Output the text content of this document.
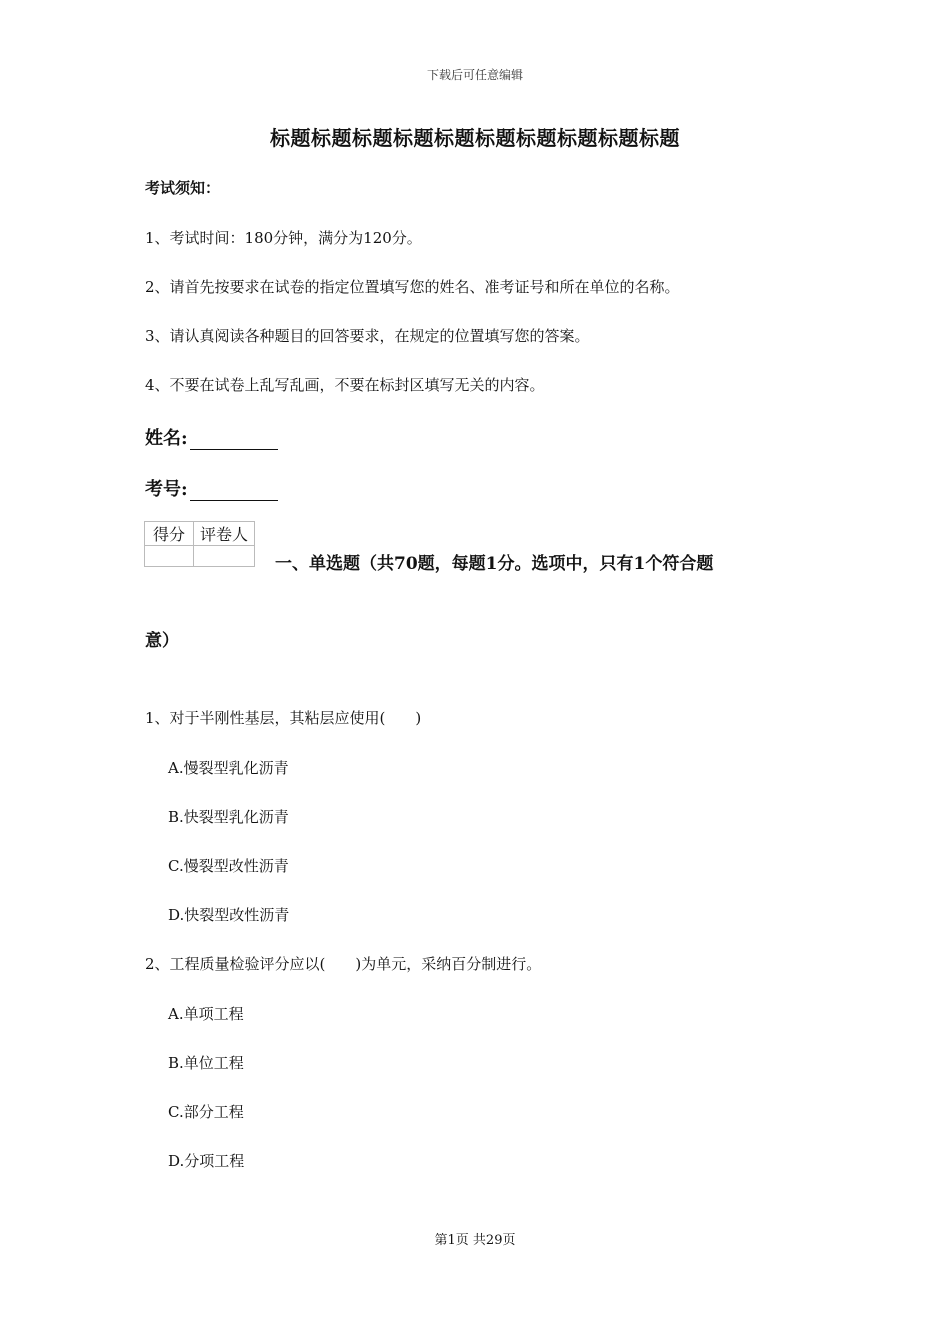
下载后可任意编辑
标题标题标题标题标题标题标题标题标题标题
考试须知：
1、考试时间：180分钟，满分为120分。
2、请首先按要求在试卷的指定位置填写您的姓名、准考证号和所在单位的名称。
3、请认真阅读各种题目的回答要求，在规定的位置填写您的答案。
4、不要在试卷上乱写乱画，不要在标封区填写无关的内容。
姓名:
考号:
得分	评卷人

一、单选题（共70题，每题1分。选项中，只有1个符合题
意）
1、对于半刚性基层，其粘层应使用(　　)
A.慢裂型乳化沥青
B.快裂型乳化沥青
C.慢裂型改性沥青
D.快裂型改性沥青
2、工程质量检验评分应以(　　)为单元，采纳百分制进行。
A.单项工程
B.单位工程
C.部分工程
D.分项工程
第1页 共29页
